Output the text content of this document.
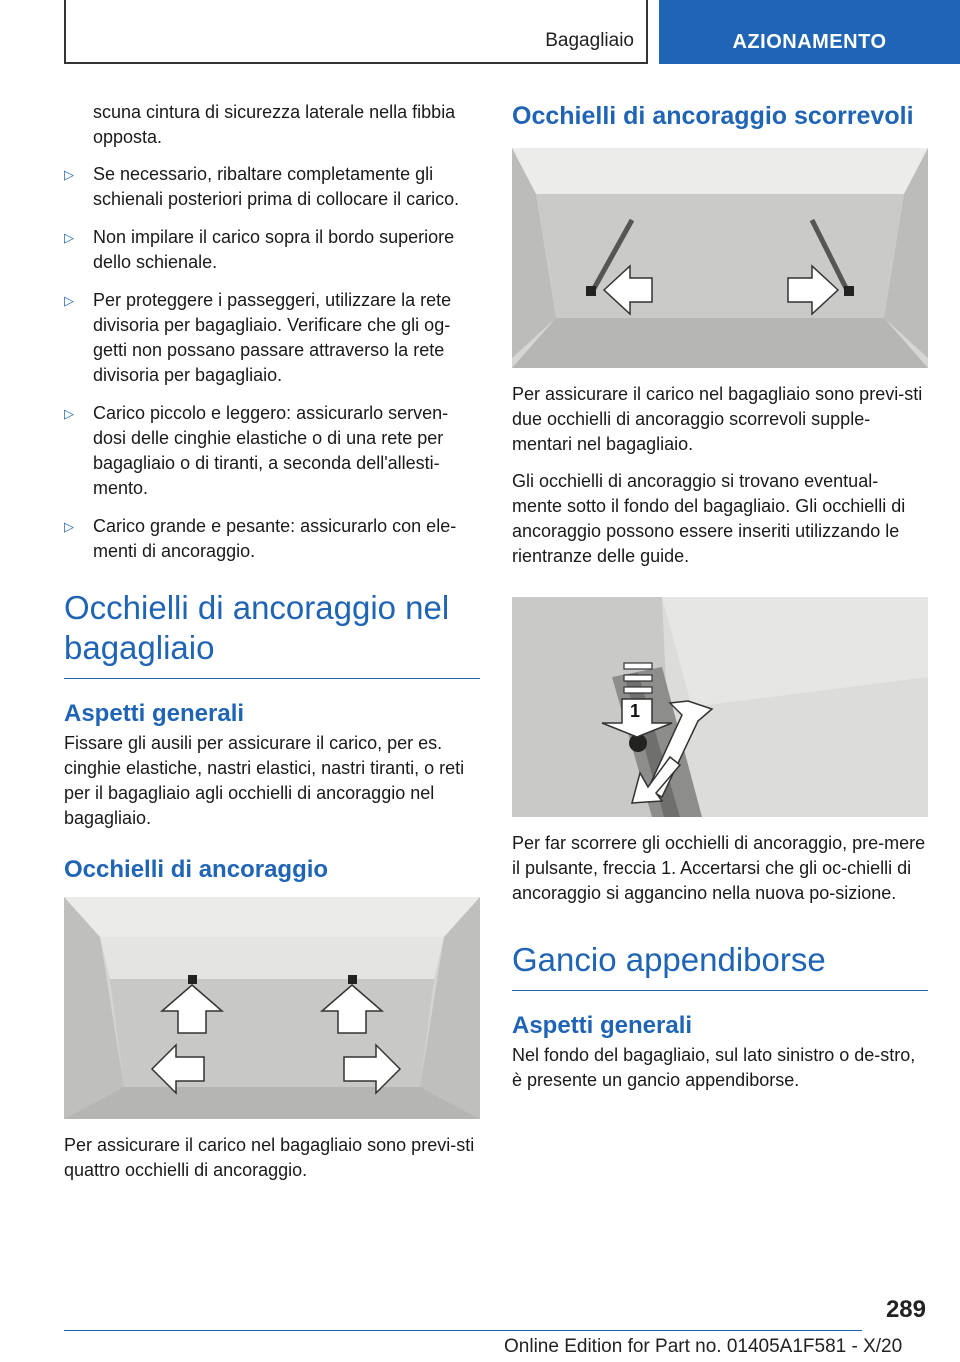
Bagagliaio	AZIONAMENTO
scuna cintura di sicurezza laterale nella fibbia opposta.
▷ Se necessario, ribaltare completamente gli schienali posteriori prima di collocare il carico.
▷ Non impilare il carico sopra il bordo superiore dello schienale.
▷ Per proteggere i passeggeri, utilizzare la rete divisoria per bagagliaio. Verificare che gli og-getti non possano passare attraverso la rete divisoria per bagagliaio.
▷ Carico piccolo e leggero: assicurarlo serven-dosi delle cinghie elastiche o di una rete per bagagliaio o di tiranti, a seconda dell'allesti-mento.
▷ Carico grande e pesante: assicurarlo con ele-menti di ancoraggio.
Occhielli di ancoraggio nel bagagliaio
Aspetti generali

Fissare gli ausili per assicurare il carico, per es. cinghie elastiche, nastri elastici, nastri tiranti, o reti per il bagagliaio agli occhielli di ancoraggio nel bagagliaio.

Occhielli di ancoraggio

Per assicurare il carico nel bagagliaio sono previ-sti quattro occhielli di ancoraggio.

Occhielli di ancoraggio scorrevoli

Per assicurare il carico nel bagagliaio sono previ-sti due occhielli di ancoraggio scorrevoli supple-mentari nel bagagliaio.

Gli occhielli di ancoraggio si trovano eventual-mente sotto il fondo del bagagliaio. Gli occhielli di ancoraggio possono essere inseriti utilizzando le rientranze delle guide.

1

Per far scorrere gli occhielli di ancoraggio, pre-mere il pulsante, freccia 1. Accertarsi che gli oc-chielli di ancoraggio si aggancino nella nuova po-sizione.

Gancio appendiborse
Aspetti generali

Nel fondo del bagagliaio, sul lato sinistro o de-stro, è presente un gancio appendiborse.

289
Online Edition for Part no. 01405A1F581 - X/20
